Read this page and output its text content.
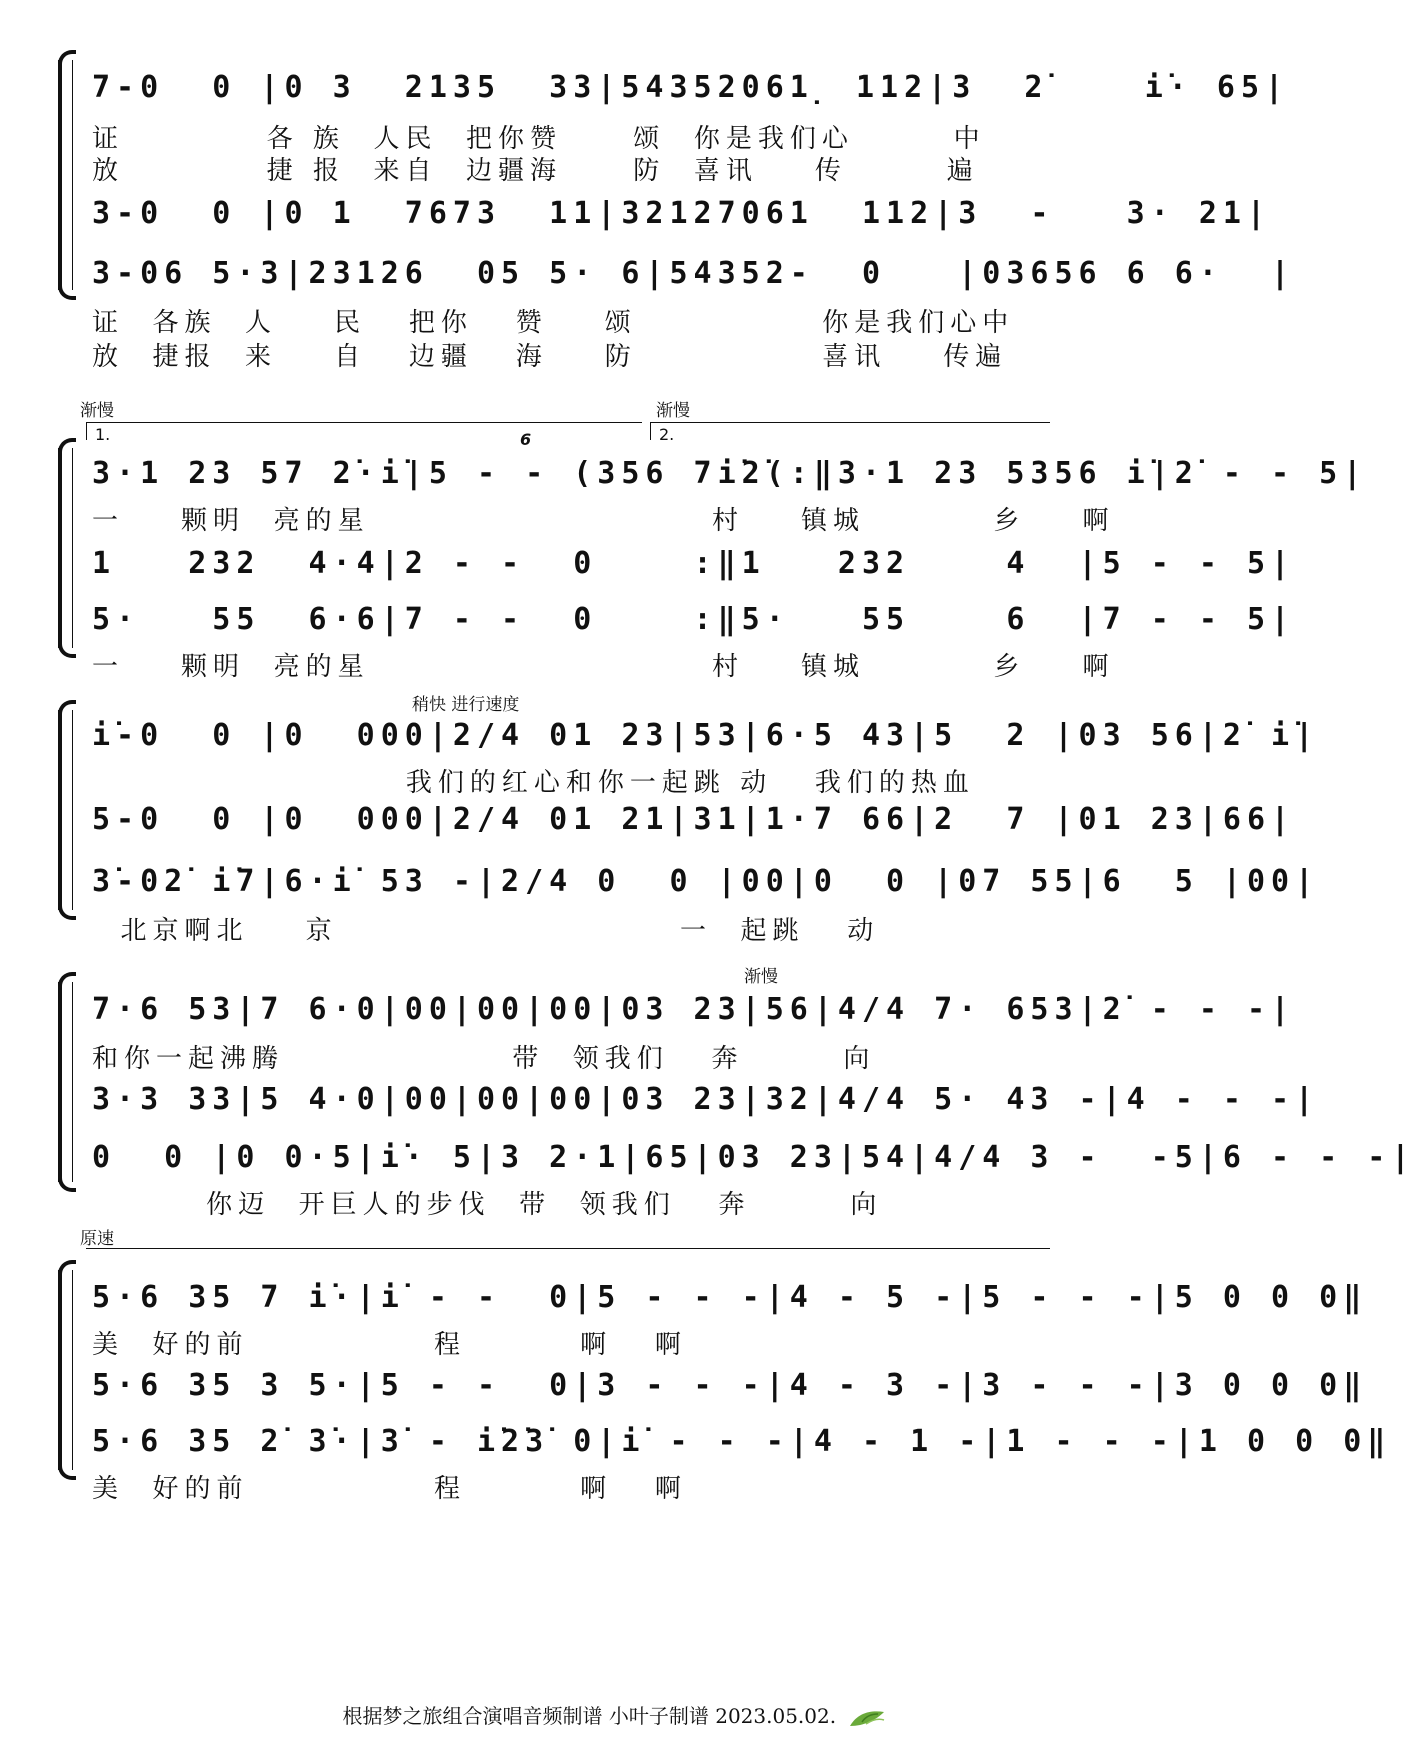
7-0  0 |0 3  2135  33|54352061̣ 112|3  2̇    i̇· 65|
证          各 族  人民  把你赞     颂  你是我们心       中
放          捷 报  来自  边疆海     防  喜讯    传       遍
3-0  0 |0 1  7673  11|32127061  112|3  -   3· 21|
3-06 5·3|23126  05 5· 6|54352-  0   |03656 6 6·  |
证  各族  人    民   把你   赞    颂             你是我们心中
放  捷报  来    自   边疆   海    防             喜讯    传遍
渐慢	渐慢
1.	2.
6
3·1 23 57 2̇·i̇|5 - - (356 7i̇2̇(:‖3·1 23 5356 i̇|2̇ - - 5|
一    颗明  亮的星                        村    镇城         乡    啊
1   232  4·4|2 - -  0    :‖1   232    4  |5 - - 5|
5·   55  6·6|7 - -  0    :‖5·   55    6  |7 - - 5|
一    颗明  亮的星                        村    镇城         乡    啊
稍快 进行速度
i̇-0  0 |0  000|2/4 01 23|53|6·5 43|5  2 |03 56|2̇ i̇|
我们的红心和你一起跳 动   我们的热血
5-0  0 |0  000|2/4 01 21|31|1·7 66|2  7 |01 23|66|
3̇-02̇ i̇7|6·i̇ 53 -|2/4 0  0 |00|0  0 |07 55|6  5 |00|
北京啊北    京                        一  起跳   动
渐慢
7·6 53|7 6·0|00|00|00|03 23|56|4/4 7· 653|2̇ - - -|
和你一起沸腾                带  领我们   奔       向
3·3 33|5 4·0|00|00|00|03 23|32|4/4 5· 43 -|4 - - -|
0  0 |0 0·5|i̇· 5|3 2·1|65|03 23|54|4/4 3 -  -5|6 - - -|
你迈  开巨人的步伐  带  领我们   奔       向
原速
5·6 35 7 i̇·|i̇ - -  0|5 - - -|4 - 5 -|5 - - -|5 0 0 0‖
美  好的前             程        啊   啊
5·6 35 3 5·|5 - -  0|3 - - -|4 - 3 -|3 - - -|3 0 0 0‖
5·6 35 2̇ 3̇·|3̇ - i̇2̇3̇ 0|i̇ - - -|4 - 1 -|1 - - -|1 0 0 0‖
美  好的前             程        啊   啊
根据梦之旅组合演唱音频制谱 小叶子制谱 2023.05.02.
